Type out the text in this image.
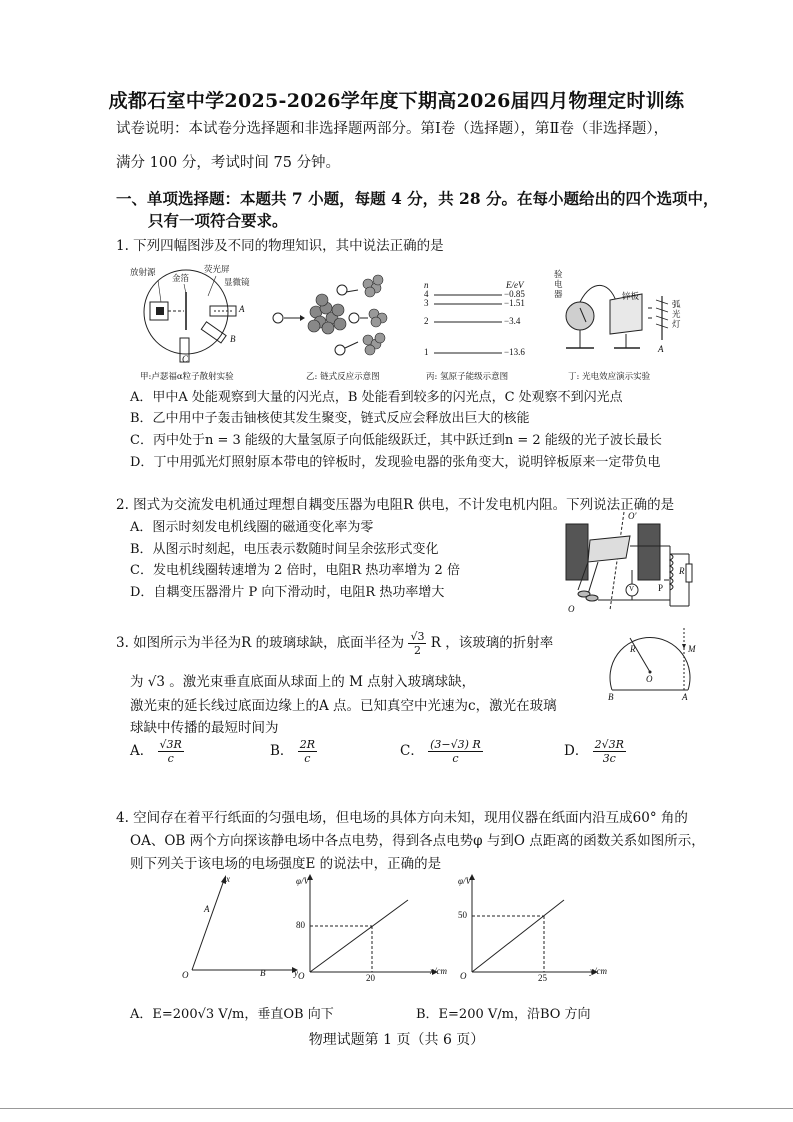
成都石室中学2025-2026学年度下期高2026届四月物理定时训练
试卷说明：本试卷分选择题和非选择题两部分。第Ⅰ卷（选择题），第Ⅱ卷（非选择题），
满分 100 分，考试时间 75 分钟。
一、单项选择题：本题共 7 小题，每题 4 分，共 28 分。在每小题给出的四个选项中，
只有一项符合要求。
1. 下列四幅图涉及不同的物理知识，其中说法正确的是
放射源
金箔
荧光屏
显微镜
A
B
C
甲:卢瑟福α粒子散射实验	乙: 链式反应示意图
n	E/eV
4	−0.85
3	−1.51
2	−3.4
1	−13.6
丙: 氢原子能级示意图
验
电
器	锌板
弧
光
灯
A
丁: 光电效应演示实验
A．甲中A 处能观察到大量的闪光点，B 处能看到较多的闪光点，C 处观察不到闪光点
B．乙中用中子轰击铀核使其发生聚变，链式反应会释放出巨大的核能
C．丙中处于n = 3 能级的大量氢原子向低能级跃迁，其中跃迁到n = 2 能级的光子波长最长
D．丁中用弧光灯照射原本带电的锌板时，发现验电器的张角变大，说明锌板原来一定带负电
2. 图式为交流发电机通过理想自耦变压器为电阻R 供电，不计发电机内阻。下列说法正确的是
A．图示时刻发电机线圈的磁通变化率为零
B．从图示时刻起，电压表示数随时间呈余弦形式变化
C．发电机线圈转速增为 2 倍时，电阻R 热功率增为 2 倍
D．自耦变压器滑片 P 向下滑动时，电阻R 热功率增大
O′
O
R
P
V
3. 如图所示为半径为R 的玻璃球缺，底面半径为 $\frac{√3}{2}$ R ，该玻璃的折射率
为 √3 。激光束垂直底面从球面上的 M 点射入玻璃球缺，
激光束的延长线过底面边缘上的A 点。已知真空中光速为c，激光在玻璃
球缺中传播的最短时间为
R	M
O
B	A
A． $\frac{√3R}{c}$	B． $\frac{2R}{c}$	C． $\frac{(3-√3) R}{c}$	D． $\frac{2√3R}{3c}$
4. 空间存在着平行纸面的匀强电场，但电场的具体方向未知，现用仪器在纸面内沿互成60° 角的
OA、OB 两个方向探该静电场中各点电势，得到各点电势φ 与到O 点距离的函数关系如图所示，
则下列关于该电场的电场强度E 的说法中，正确的是
x
y
A
B
O
φ/V
x/cm
O
80
20
φ/V
y/cm
O
50
25
A．E=200√3 V/m，垂直OB 向下	B．E=200 V/m，沿BO 方向
物理试题第 1 页（共 6 页）
